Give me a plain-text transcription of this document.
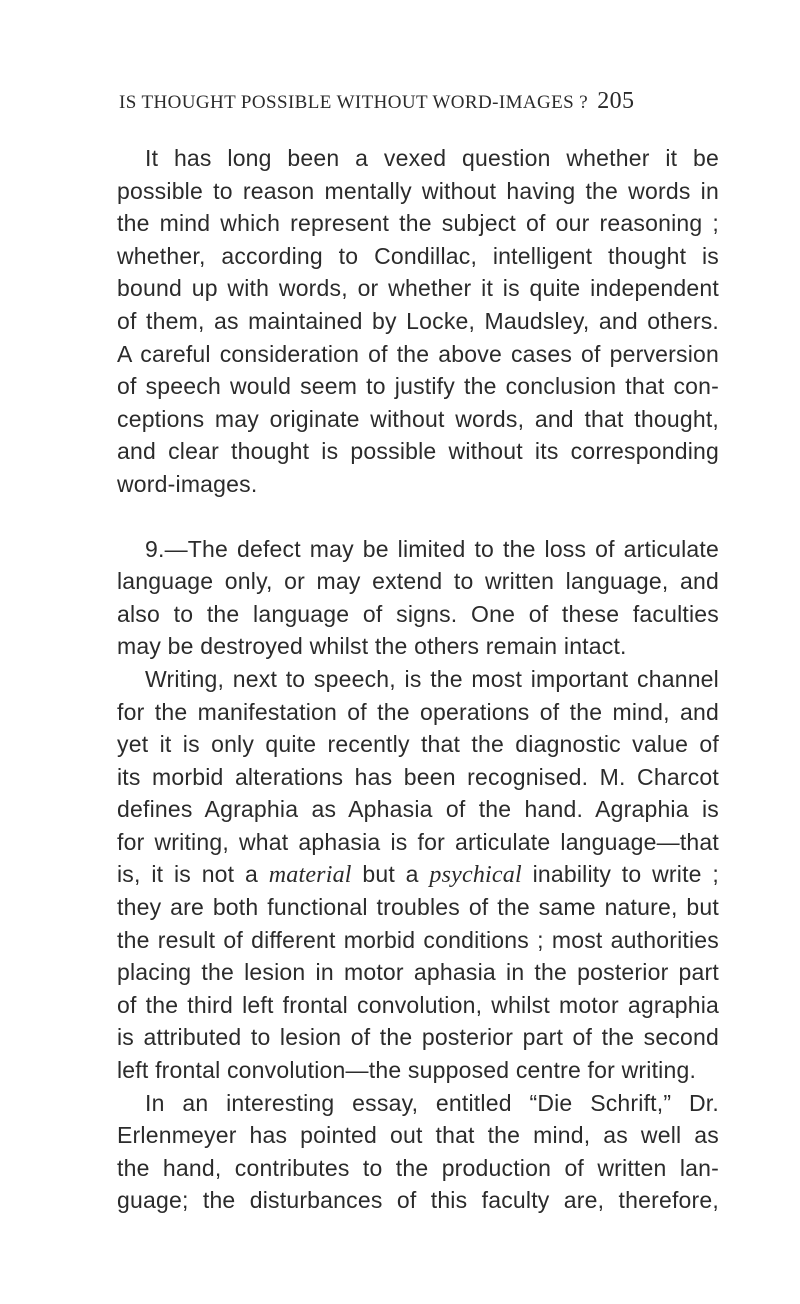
IS THOUGHT POSSIBLE WITHOUT WORD-IMAGES ? 205
It has long been a vexed question whether it be
possible to reason mentally without having the words in
the mind which represent the subject of our reasoning ;
whether, according to Condillac, intelligent thought is
bound up with words, or whether it is quite independent
of them, as maintained by Locke, Maudsley, and others.
A careful consideration of the above cases of perversion
of speech would seem to justify the conclusion that con-
ceptions may originate without words, and that thought,
and clear thought is possible without its corresponding
word-images.
9.—The defect may be limited to the loss of articulate
language only, or may extend to written language, and
also to the language of signs. One of these faculties
may be destroyed whilst the others remain intact.
Writing, next to speech, is the most important channel
for the manifestation of the operations of the mind, and
yet it is only quite recently that the diagnostic value of
its morbid alterations has been recognised. M. Charcot
defines Agraphia as Aphasia of the hand. Agraphia is
for writing, what aphasia is for articulate language—that
is, it is not a material but a psychical inability to write ;
they are both functional troubles of the same nature, but
the result of different morbid conditions ; most authorities
placing the lesion in motor aphasia in the posterior part
of the third left frontal convolution, whilst motor agraphia
is attributed to lesion of the posterior part of the second
left frontal convolution—the supposed centre for writing.
In an interesting essay, entitled “Die Schrift,” Dr.
Erlenmeyer has pointed out that the mind, as well as
the hand, contributes to the production of written lan-
guage; the disturbances of this faculty are, therefore,
